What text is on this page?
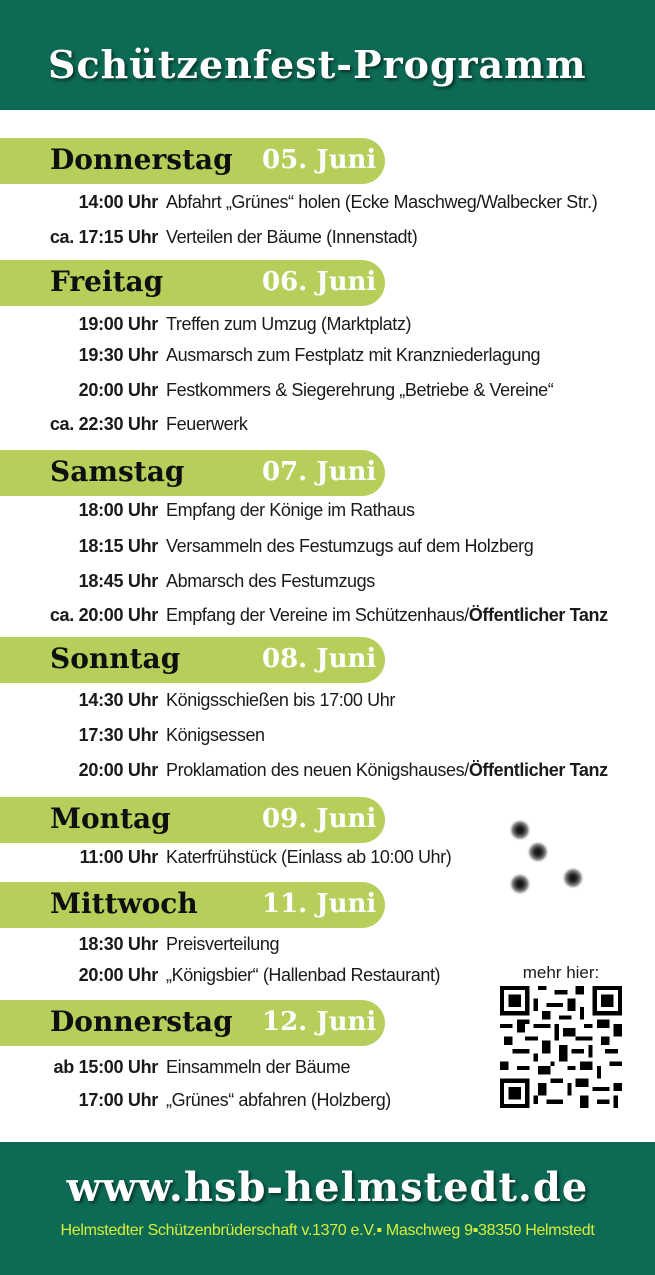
Schützenfest-Programm
Donnerstag 05. Juni
14:00 Uhr Abfahrt „Grünes“ holen (Ecke Maschweg/Walbecker Str.)
ca. 17:15 Uhr Verteilen der Bäume (Innenstadt)
Freitag	06. Juni
19:00 Uhr Treffen zum Umzug (Marktplatz)
19:30 Uhr Ausmarsch zum Festplatz mit Kranzniederlagung
20:00 Uhr Festkommers & Siegerehrung „Betriebe & Vereine“
ca. 22:30 Uhr Feuerwerk
Samstag	07. Juni
18:00 Uhr Empfang der Könige im Rathaus
18:15 Uhr Versammeln des Festumzugs auf dem Holzberg
18:45 Uhr Abmarsch des Festumzugs
ca. 20:00 Uhr Empfang der Vereine im Schützenhaus/Öffentlicher Tanz
Sonntag	08. Juni
14:30 Uhr Königsschießen bis 17:00 Uhr
17:30 Uhr Königsessen
20:00 Uhr Proklamation des neuen Königshauses/Öffentlicher Tanz
Montag	09. Juni
11:00 Uhr Katerfrühstück (Einlass ab 10:00 Uhr)
Mittwoch 11. Juni
18:30 Uhr Preisverteilung
20:00 Uhr „Königsbier“ (Hallenbad Restaurant)
Donnerstag 12. Juni
ab 15:00 Uhr Einsammeln der Bäume
17:00 Uhr „Grünes“ abfahren (Holzberg)
mehr hier:
www.hsb-helmstedt.de
Helmstedter Schützenbrüderschaft v.1370 e.V.▪ Maschweg 9▪38350 Helmstedt
